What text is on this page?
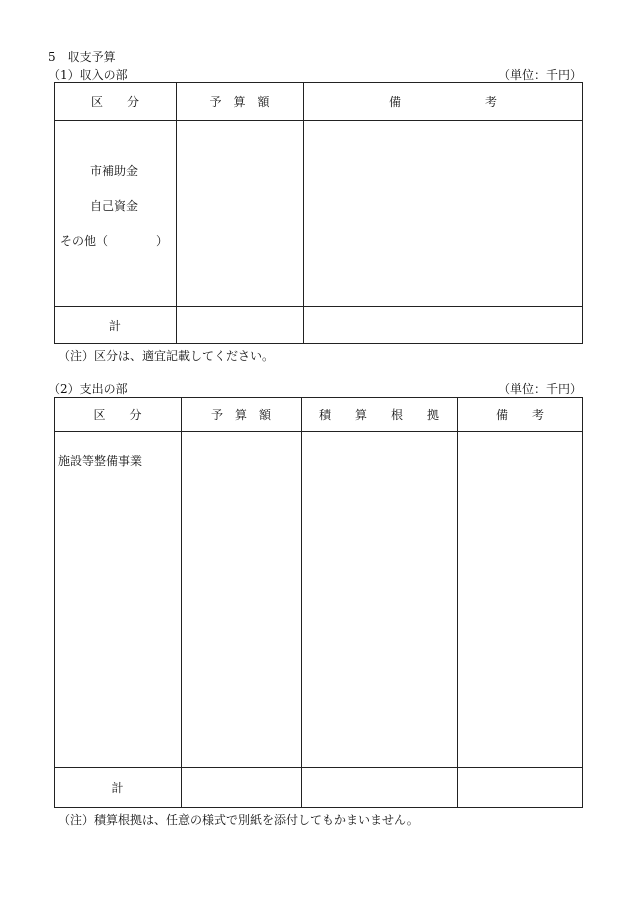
5　収支予算
（1）収入の部	（単位：千円）
区　　分	予　算　額	備　　　　　　　考
市補助金
自己資金
その他（　　　　）
計
（注）区分は、適宜記載してください。
（2）支出の部	（単位：千円）
区　　分	予　算　額	積　　算　　根　　拠	備　　考
施設等整備事業
計
（注）積算根拠は、任意の様式で別紙を添付してもかまいません。
